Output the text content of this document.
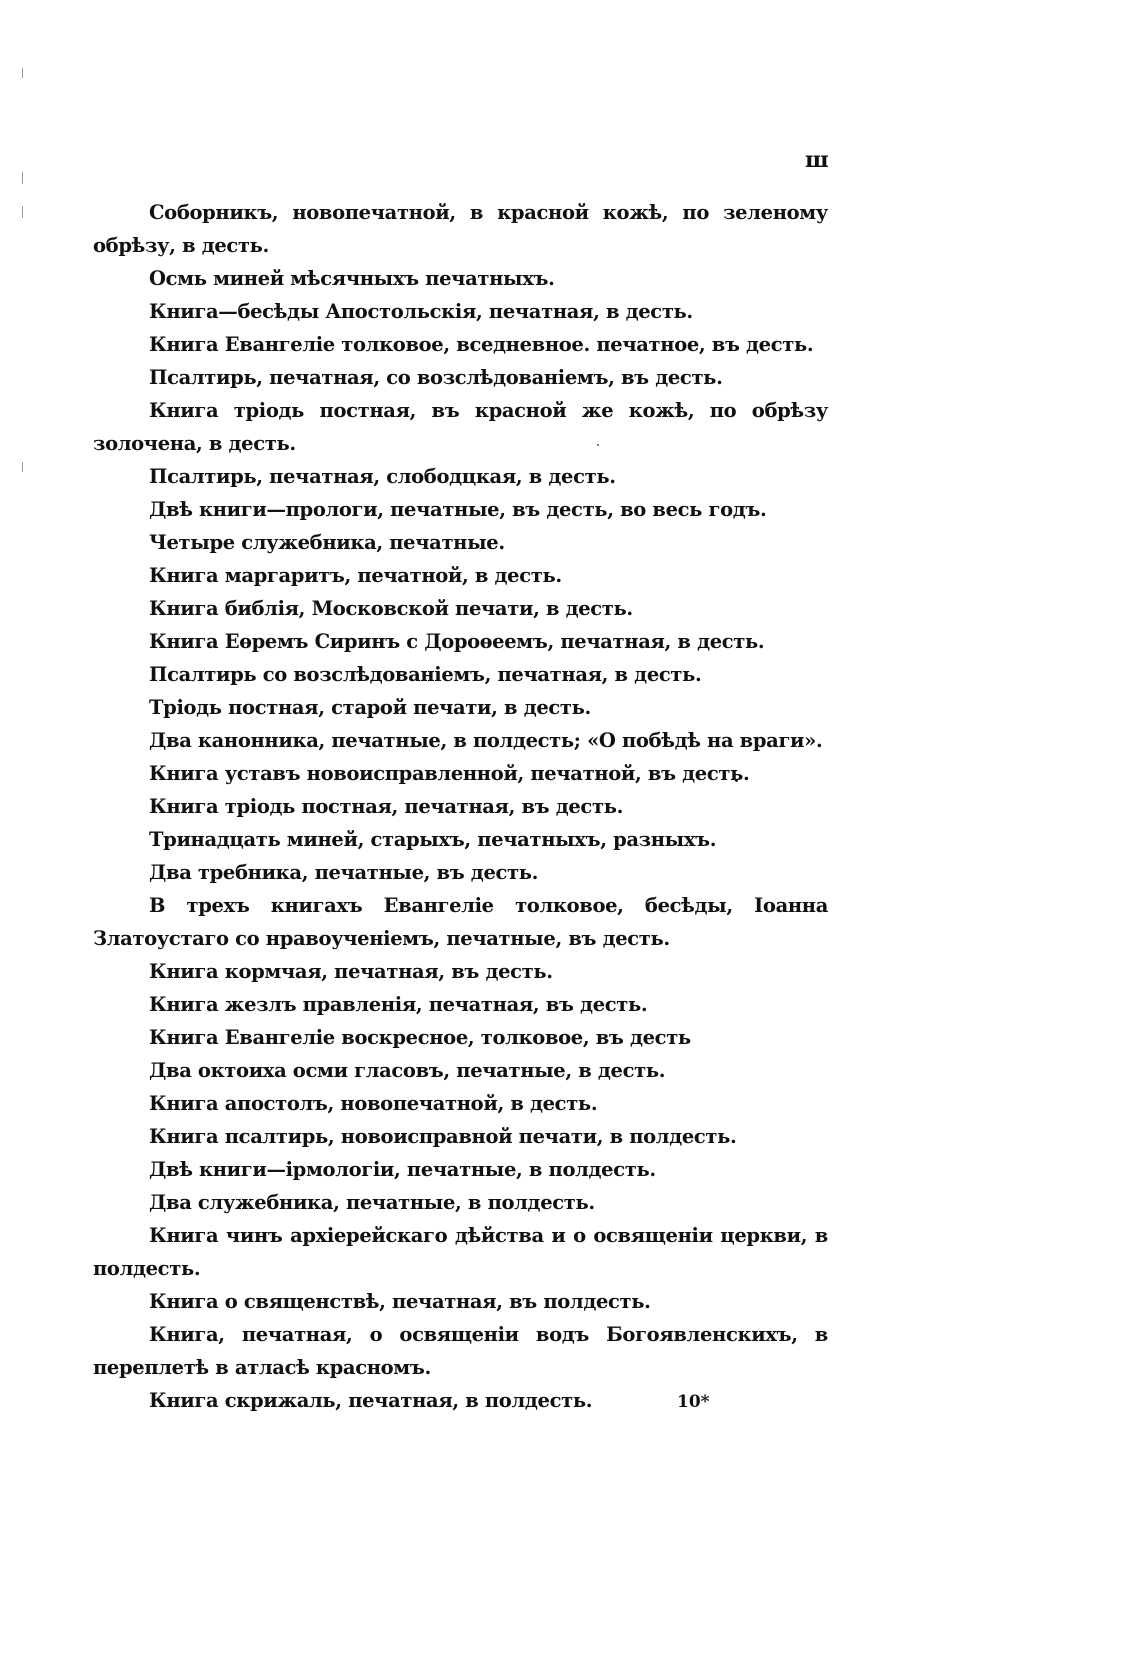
ш

Соборникъ, новопечатной, в красной кожѣ, по зеленому обрѣзу, в десть.

Осмь миней мѣсячныхъ печатныхъ.

Книга—бесѣды Апостольскія, печатная, в десть.

Книга Евангеліе толковое, вседневное. печатное, въ десть.

Псалтирь, печатная, со возслѣдованіемъ, въ десть.

Книга тріодь постная, въ красной же кожѣ, по обрѣзу золочена, в десть.

Псалтирь, печатная, слободцкая, в десть.

Двѣ книги—прологи, печатные, въ десть, во весь годъ.

Четыре служебника, печатные.

Книга маргаритъ, печатной, в десть.

Книга библія, Московской печати, в десть.

Книга Еѳремъ Сиринъ с Дороѳеемъ, печатная, в десть.

Псалтирь со возслѣдованіемъ, печатная, в десть.

Тріодь постная, старой печати, в десть.

Два канонника, печатные, в полдесть; «О побѣдѣ на враги».

Книга уставъ новоисправленной, печатной, въ десть.

Книга тріодь постная, печатная, въ десть.

Тринадцать миней, старыхъ, печатныхъ, разныхъ.

Два требника, печатные, въ десть.

В трехъ книгахъ Евангеліе толковое, бесѣды, Іоанна Златоустаго со нравоученіемъ, печатные, въ десть.

Книга кормчая, печатная, въ десть.

Книга жезлъ правленія, печатная, въ десть.

Книга Евангеліе воскресное, толковое, въ десть

Два октоиха осми гласовъ, печатные, в десть.

Книга апостолъ, новопечатной, в десть.

Книга псалтирь, новоисправной печати, в полдесть.

Двѣ книги—ірмологіи, печатные, в полдесть.

Два служебника, печатные, в полдесть.

Книга чинъ архіерейскаго дѣйства и о освященіи церкви, в полдесть.

Книга о священствѣ, печатная, въ полдесть.

Книга, печатная, о освященіи водъ Богоявленскихъ, в переплетѣ в атласѣ красномъ.

Книга скрижаль, печатная, в полдесть.	10*
